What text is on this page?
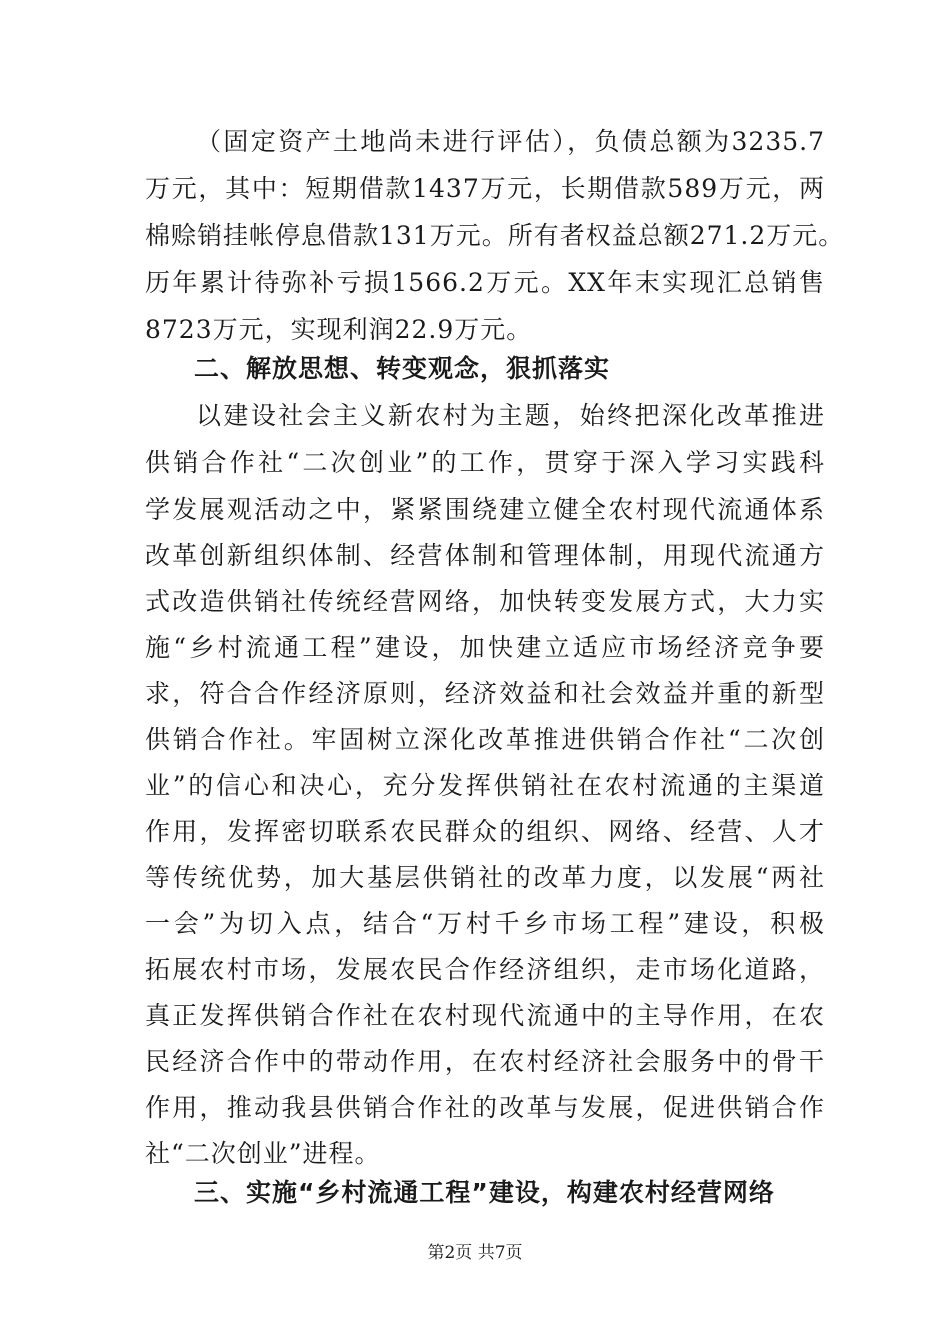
（固定资产土地尚未进行评估），负债总额为3235.7
万元，其中：短期借款1437万元，长期借款589万元，两
棉赊销挂帐停息借款131万元。所有者权益总额271.2万元。
历年累计待弥补亏损1566.2万元。XX年末实现汇总销售
8723万元，实现利润22.9万元。
二、解放思想、转变观念，狠抓落实
以建设社会主义新农村为主题，始终把深化改革推进
供销合作社“二次创业”的工作，贯穿于深入学习实践科
学发展观活动之中，紧紧围绕建立健全农村现代流通体系
改革创新组织体制、经营体制和管理体制，用现代流通方
式改造供销社传统经营网络，加快转变发展方式，大力实
施“乡村流通工程”建设，加快建立适应市场经济竞争要
求，符合合作经济原则，经济效益和社会效益并重的新型
供销合作社。牢固树立深化改革推进供销合作社“二次创
业”的信心和决心，充分发挥供销社在农村流通的主渠道
作用，发挥密切联系农民群众的组织、网络、经营、人才
等传统优势，加大基层供销社的改革力度，以发展“两社
一会”为切入点，结合“万村千乡市场工程”建设，积极
拓展农村市场，发展农民合作经济组织，走市场化道路，
真正发挥供销合作社在农村现代流通中的主导作用，在农
民经济合作中的带动作用，在农村经济社会服务中的骨干
作用，推动我县供销合作社的改革与发展，促进供销合作
社“二次创业”进程。
三、实施“乡村流通工程”建设，构建农村经营网络
第2页 共7页
